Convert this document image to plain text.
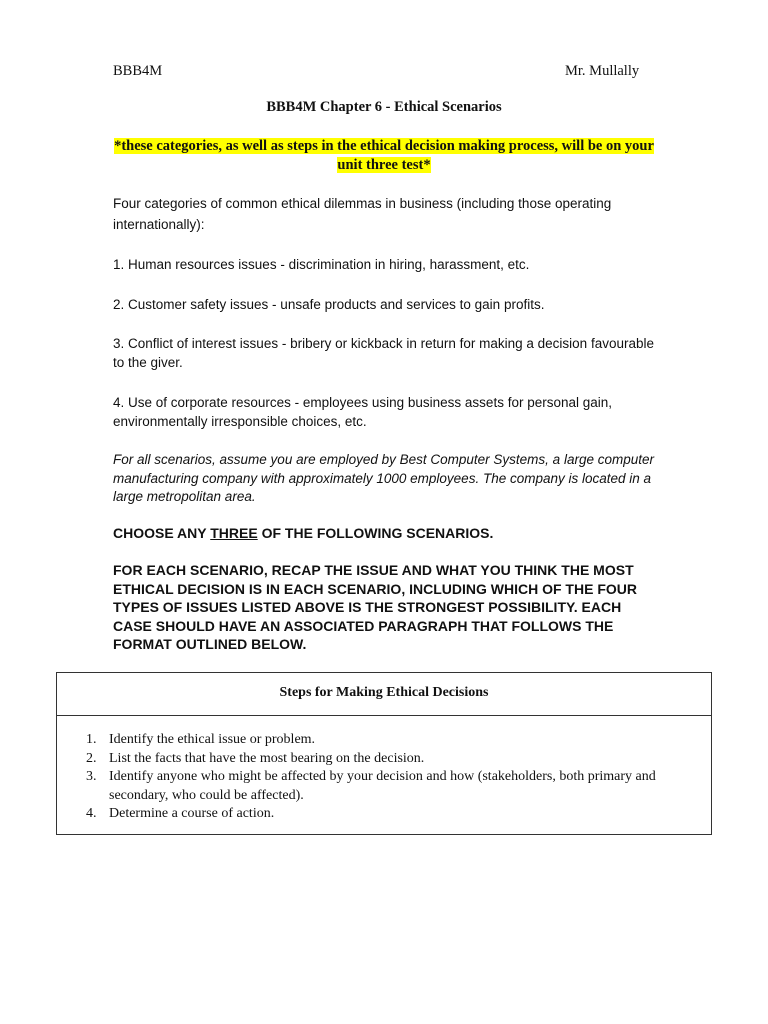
BBB4M	Mr. Mullally
BBB4M Chapter 6 - Ethical Scenarios
*these categories, as well as steps in the ethical decision making process, will be on your unit three test*
Four categories of common ethical dilemmas in business (including those operating internationally):
1. Human resources issues - discrimination in hiring, harassment, etc.
2. Customer safety issues - unsafe products and services to gain profits.
3. Conflict of interest issues - bribery or kickback in return for making a decision favourable to the giver.
4. Use of corporate resources - employees using business assets for personal gain, environmentally irresponsible choices, etc.
For all scenarios, assume you are employed by Best Computer Systems, a large computer manufacturing company with approximately 1000 employees. The company is located in a large metropolitan area.
CHOOSE ANY THREE OF THE FOLLOWING SCENARIOS.
FOR EACH SCENARIO, RECAP THE ISSUE AND WHAT YOU THINK THE MOST ETHICAL DECISION IS IN EACH SCENARIO, INCLUDING WHICH OF THE FOUR TYPES OF ISSUES LISTED ABOVE IS THE STRONGEST POSSIBILITY. EACH CASE SHOULD HAVE AN ASSOCIATED PARAGRAPH THAT FOLLOWS THE FORMAT OUTLINED BELOW.
Steps for Making Ethical Decisions
1. Identify the ethical issue or problem.
2. List the facts that have the most bearing on the decision.
3. Identify anyone who might be affected by your decision and how (stakeholders, both primary and secondary, who could be affected).
4. Determine a course of action.
